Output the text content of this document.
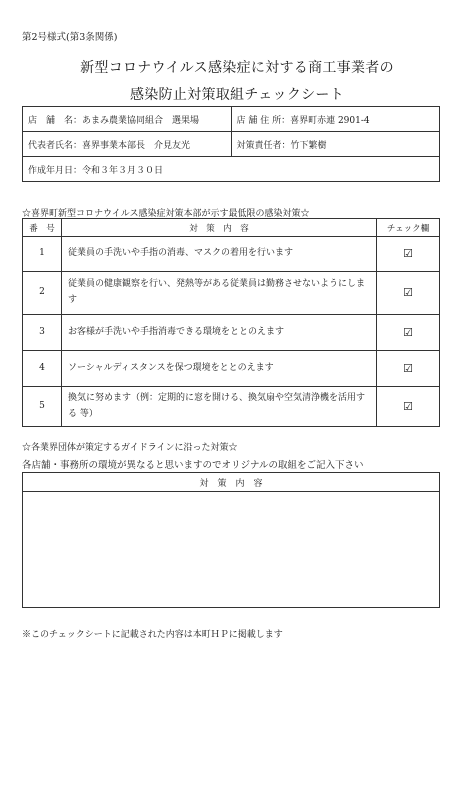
第2号様式(第3条関係)
新型コロナウイルス感染症に対する商工事業者の
感染防止対策取組チェックシート
店　舗　名：あまみ農業協同組合　選果場	店 舗 住 所：喜界町赤連 2901-4
代表者氏名：喜界事業本部長　介見友光	対策責任者：竹下繁樹
作成年月日：令和３年３月３０日	
☆喜界町新型コロナウイルス感染症対策本部が示す最低限の感染対策☆
番　号	対　策　内　容	チェック欄
1	従業員の手洗いや手指の消毒、マスクの着用を行います	☑
2	従業員の健康観察を行い、発熱等がある従業員は勤務させないようにします	☑
3	お客様が手洗いや手指消毒できる環境をととのえます	☑
4	ソーシャルディスタンスを保つ環境をととのえます	☑
5	換気に努めます（例：定期的に窓を開ける、換気扇や空気清浄機を活用する 等）	☑
☆各業界団体が策定するガイドラインに沿った対策☆
各店舗・事務所の環境が異なると思いますのでオリジナルの取組をご記入下さい
対　策　内　容

※このチェックシートに記載された内容は本町ＨＰに掲載します
